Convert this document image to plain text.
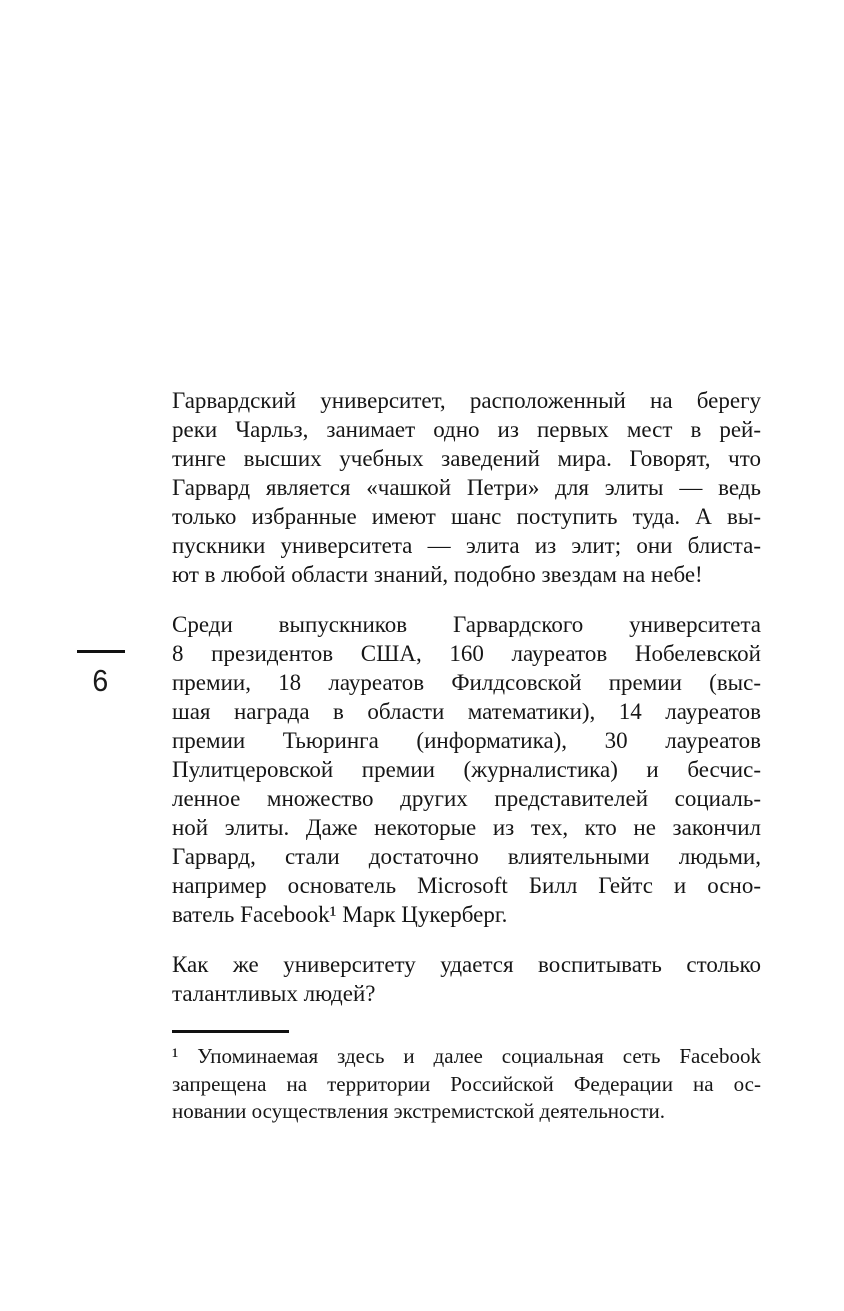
6
Гарвардский университет, расположенный на берегу
реки Чарльз, занимает одно из первых мест в рей-
тинге высших учебных заведений мира. Говорят, что
Гарвард является «чашкой Петри» для элиты — ведь
только избранные имеют шанс поступить туда. А вы-
пускники университета — элита из элит; они блиста-
ют в любой области знаний, подобно звездам на небе!
Среди выпускников Гарвардского университета
8 президентов США, 160 лауреатов Нобелевской
премии, 18 лауреатов Филдсовской премии (выс-
шая награда в области математики), 14 лауреатов
премии Тьюринга (информатика), 30 лауреатов
Пулитцеровской премии (журналистика) и бесчис-
ленное множество других представителей социаль-
ной элиты. Даже некоторые из тех, кто не закончил
Гарвард, стали достаточно влиятельными людьми,
например основатель Microsoft Билл Гейтс и осно-
ватель Facebook¹ Марк Цукерберг.
Как же университету удается воспитывать столько
талантливых людей?
¹ Упоминаемая здесь и далее социальная сеть Facebook
запрещена на территории Российской Федерации на ос-
новании осуществления экстремистской деятельности.
